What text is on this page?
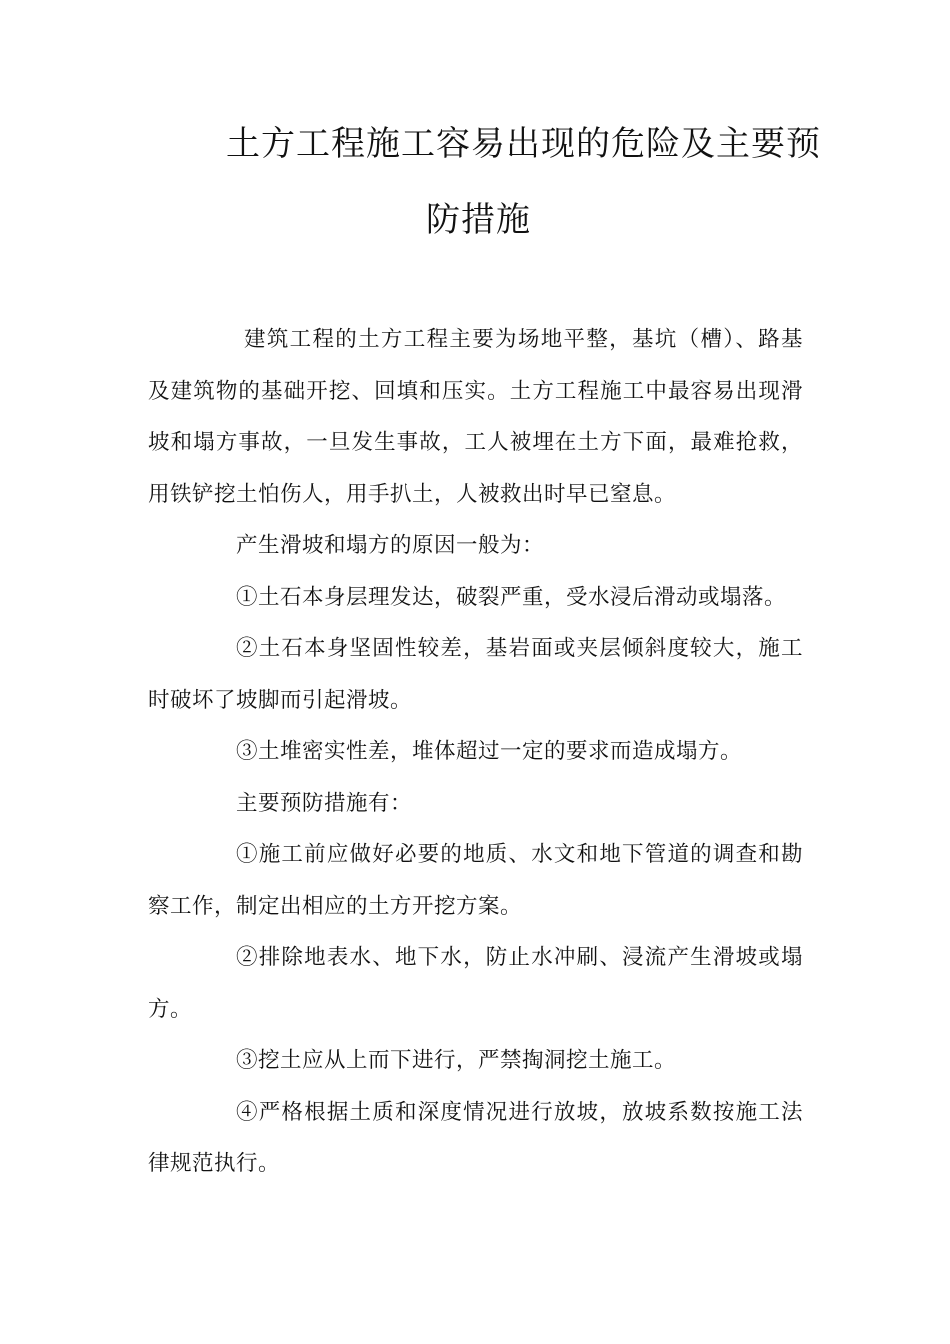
土方工程施工容易出现的危险及主要预
防措施

建筑工程的土方工程主要为场地平整，基坑（槽）、路基及建筑物的基础开挖、回填和压实。土方工程施工中最容易出现滑坡和塌方事故，一旦发生事故，工人被埋在土方下面，最难抢救，用铁铲挖土怕伤人，用手扒土，人被救出时早已窒息。

产生滑坡和塌方的原因一般为：

①土石本身层理发达，破裂严重，受水浸后滑动或塌落。

②土石本身坚固性较差，基岩面或夹层倾斜度较大，施工时破坏了坡脚而引起滑坡。

③土堆密实性差，堆体超过一定的要求而造成塌方。

主要预防措施有：

①施工前应做好必要的地质、水文和地下管道的调查和勘察工作，制定出相应的土方开挖方案。

②排除地表水、地下水，防止水冲刷、浸流产生滑坡或塌方。

③挖土应从上而下进行，严禁掏洞挖土施工。

④严格根据土质和深度情况进行放坡，放坡系数按施工法律规范执行。
